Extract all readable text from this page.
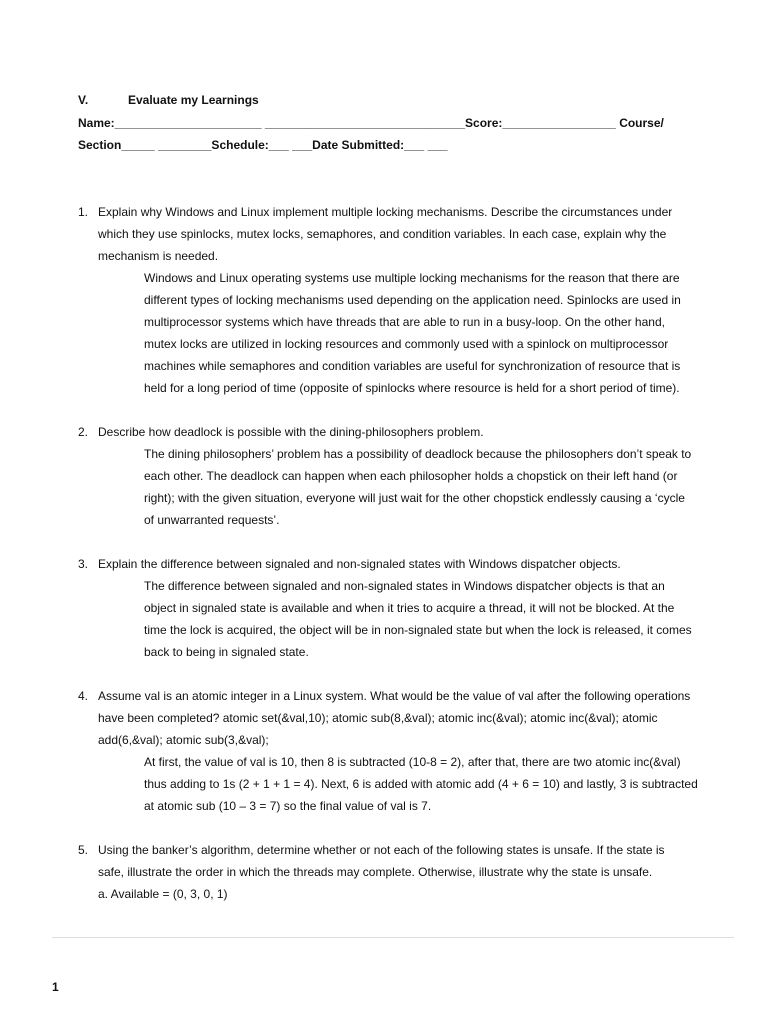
V.	Evaluate my Learnings
Name:______________________ ______________________________Score:_________________ Course/
Section_____ ________Schedule:___ ___Date Submitted:___ ___
1. Explain why Windows and Linux implement multiple locking mechanisms. Describe the circumstances under
which they use spinlocks, mutex locks, semaphores, and condition variables. In each case, explain why the
mechanism is needed.
Windows and Linux operating systems use multiple locking mechanisms for the reason that there are
different types of locking mechanisms used depending on the application need. Spinlocks are used in
multiprocessor systems which have threads that are able to run in a busy-loop. On the other hand,
mutex locks are utilized in locking resources and commonly used with a spinlock on multiprocessor
machines while semaphores and condition variables are useful for synchronization of resource that is
held for a long period of time (opposite of spinlocks where resource is held for a short period of time).
2. Describe how deadlock is possible with the dining-philosophers problem.
The dining philosophers’ problem has a possibility of deadlock because the philosophers don’t speak to
each other. The deadlock can happen when each philosopher holds a chopstick on their left hand (or
right); with the given situation, everyone will just wait for the other chopstick endlessly causing a ‘cycle
of unwarranted requests’.
3. Explain the difference between signaled and non-signaled states with Windows dispatcher objects.
The difference between signaled and non-signaled states in Windows dispatcher objects is that an
object in signaled state is available and when it tries to acquire a thread, it will not be blocked. At the
time the lock is acquired, the object will be in non-signaled state but when the lock is released, it comes
back to being in signaled state.
4. Assume val is an atomic integer in a Linux system. What would be the value of val after the following operations
have been completed? atomic set(&val,10); atomic sub(8,&val); atomic inc(&val); atomic inc(&val); atomic
add(6,&val); atomic sub(3,&val);
At first, the value of val is 10, then 8 is subtracted (10-8 = 2), after that, there are two atomic inc(&val)
thus adding to 1s (2 + 1 + 1 = 4). Next, 6 is added with atomic add (4 + 6 = 10) and lastly, 3 is subtracted
at atomic sub (10 – 3 = 7) so the final value of val is 7.
5. Using the banker’s algorithm, determine whether or not each of the following states is unsafe. If the state is
safe, illustrate the order in which the threads may complete. Otherwise, illustrate why the state is unsafe.
a. Available = (0, 3, 0, 1)
1
